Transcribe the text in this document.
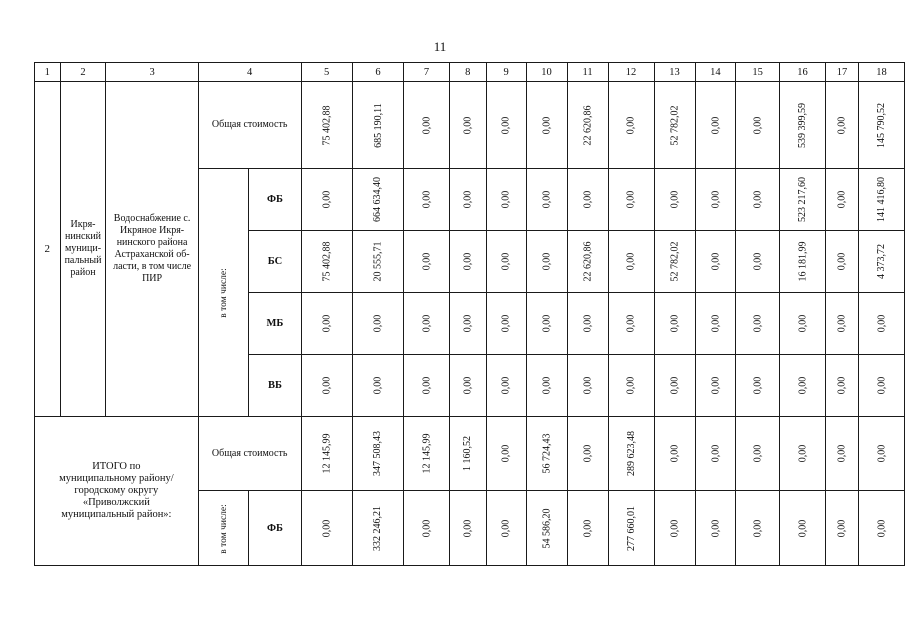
11
1	2	3	4		5	6	7	8	9	10	11	12	13	14	15	16	17	18
2	Икря-нинский муници-пальный район	Водоснабжение с. Икряное Икря-нинского района Астраханской об-ласти, в том числе ПИР	Общая стоимость		75 402,88	685 190,11	0,00	0,00	0,00	0,00	22 620,86	0,00	52 782,02	0,00	0,00	539 399,59	0,00	145 790,52
			в том числе:	ФБ	0,00	664 634,40	0,00	0,00	0,00	0,00	0,00	0,00	0,00	0,00	0,00	523 217,60	0,00	141 416,80
				БС	75 402,88	20 555,71	0,00	0,00	0,00	0,00	22 620,86	0,00	52 782,02	0,00	0,00	16 181,99	0,00	4 373,72
				МБ	0,00	0,00	0,00	0,00	0,00	0,00	0,00	0,00	0,00	0,00	0,00	0,00	0,00	0,00
				ВБ	0,00	0,00	0,00	0,00	0,00	0,00	0,00	0,00	0,00	0,00	0,00	0,00	0,00	0,00

ИТОГО по муниципальному району/ городскому округу «Приволжский муниципальный район»:			Общая стоимость		12 145,99	347 508,43	12 145,99	1 160,52	0,00	56 724,43	0,00	289 623,48	0,00	0,00	0,00	0,00	0,00	0,00
			в том числе:	ФБ	0,00	332 246,21	0,00	0,00	0,00	54 586,20	0,00	277 660,01	0,00	0,00	0,00	0,00	0,00	0,00
